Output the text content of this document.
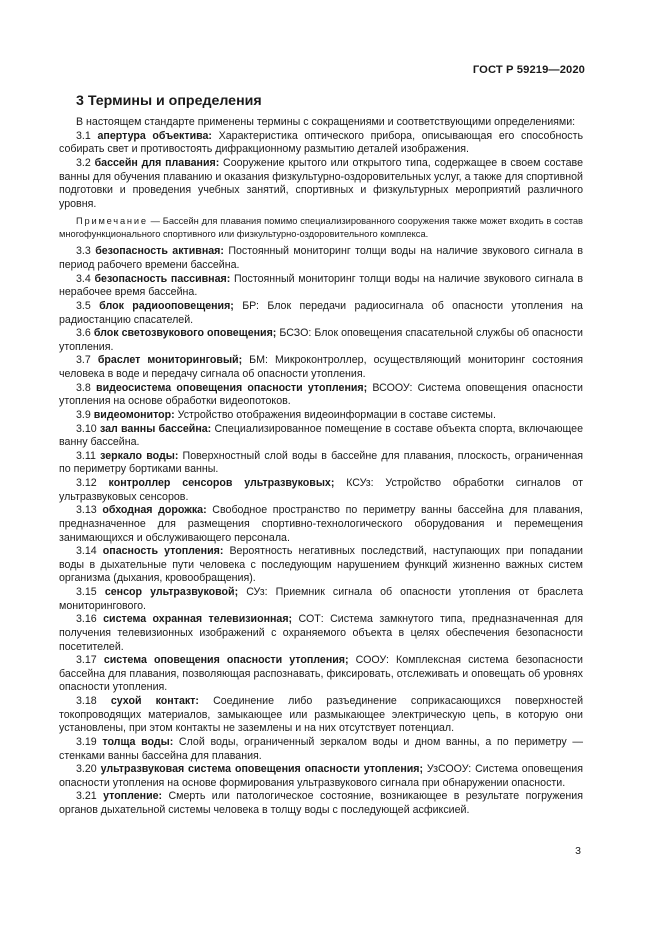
ГОСТ Р 59219—2020
3 Термины и определения

В настоящем стандарте применены термины с сокращениями и соответствующими определениями:

3.1 апертура объектива: Характеристика оптического прибора, описывающая его способность собирать свет и противостоять дифракционному размытию деталей изображения.

3.2 бассейн для плавания: Сооружение крытого или открытого типа, содержащее в своем составе ванны для обучения плаванию и оказания физкультурно-оздоровительных услуг, а также для спортивной подготовки и проведения учебных занятий, спортивных и физкультурных мероприятий различного уровня.

Примечание — Бассейн для плавания помимо специализированного сооружения также может входить в состав многофункционального спортивного или физкультурно-оздоровительного комплекса.

3.3 безопасность активная: Постоянный мониторинг толщи воды на наличие звукового сигнала в период рабочего времени бассейна.

3.4 безопасность пассивная: Постоянный мониторинг толщи воды на наличие звукового сигнала в нерабочее время бассейна.

3.5 блок радиооповещения; БР: Блок передачи радиосигнала об опасности утопления на радиостанцию спасателей.

3.6 блок светозвукового оповещения; БСЗО: Блок оповещения спасательной службы об опасности утопления.

3.7 браслет мониторинговый; БМ: Микроконтроллер, осуществляющий мониторинг состояния человека в воде и передачу сигнала об опасности утопления.

3.8 видеосистема оповещения опасности утопления; ВСООУ: Система оповещения опасности утопления на основе обработки видеопотоков.

3.9 видеомонитор: Устройство отображения видеоинформации в составе системы.

3.10 зал ванны бассейна: Специализированное помещение в составе объекта спорта, включающее ванну бассейна.

3.11 зеркало воды: Поверхностный слой воды в бассейне для плавания, плоскость, ограниченная по периметру бортиками ванны.

3.12 контроллер сенсоров ультразвуковых; КСУз: Устройство обработки сигналов от ультразвуковых сенсоров.

3.13 обходная дорожка: Свободное пространство по периметру ванны бассейна для плавания, предназначенное для размещения спортивно-технологического оборудования и перемещения занимающихся и обслуживающего персонала.

3.14 опасность утопления: Вероятность негативных последствий, наступающих при попадании воды в дыхательные пути человека с последующим нарушением функций жизненно важных систем организма (дыхания, кровообращения).

3.15 сенсор ультразвуковой; СУз: Приемник сигнала об опасности утопления от браслета мониторингового.

3.16 система охранная телевизионная; СОТ: Система замкнутого типа, предназначенная для получения телевизионных изображений с охраняемого объекта в целях обеспечения безопасности посетителей.

3.17 система оповещения опасности утопления; СООУ: Комплексная система безопасности бассейна для плавания, позволяющая распознавать, фиксировать, отслеживать и оповещать об уровнях опасности утопления.

3.18 сухой контакт: Соединение либо разъединение соприкасающихся поверхностей токопроводящих материалов, замыкающее или размыкающее электрическую цепь, в которую они установлены, при этом контакты не заземлены и на них отсутствует потенциал.

3.19 толща воды: Слой воды, ограниченный зеркалом воды и дном ванны, а по периметру — стенками ванны бассейна для плавания.

3.20 ультразвуковая система оповещения опасности утопления; УзСООУ: Система оповещения опасности утопления на основе формирования ультразвукового сигнала при обнаружении опасности.

3.21 утопление: Смерть или патологическое состояние, возникающее в результате погружения органов дыхательной системы человека в толщу воды с последующей асфиксией.

3
